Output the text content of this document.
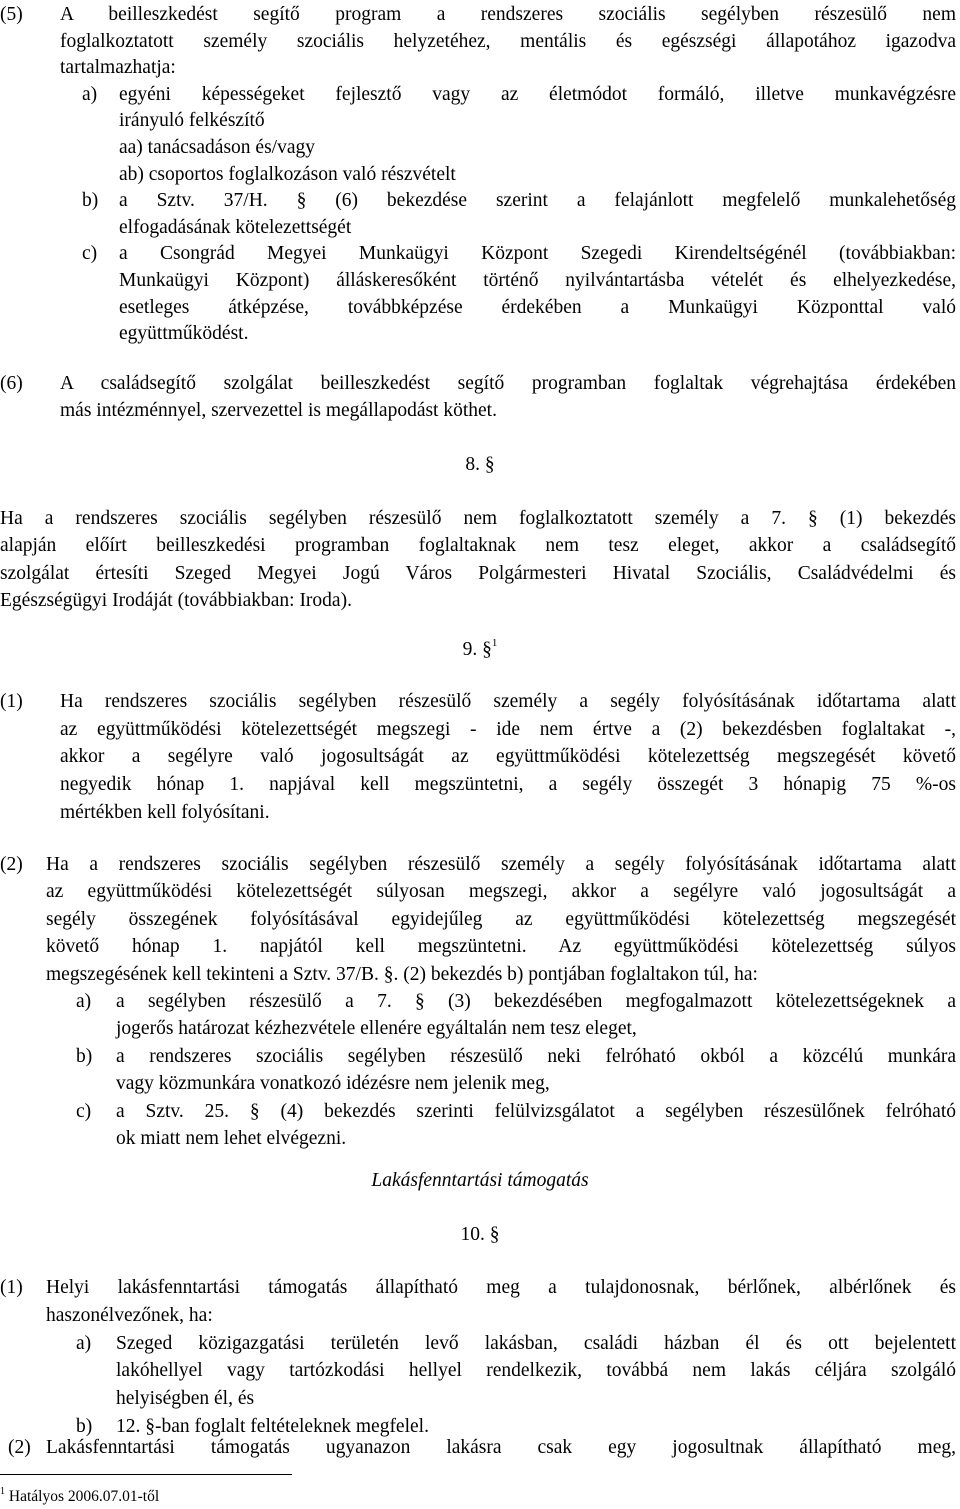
(5) A beilleszkedést segítő program a rendszeres szociális segélyben részesülő nem
foglalkoztatott személy szociális helyzetéhez, mentális és egészségi állapotához igazodva
tartalmazhatja:
a) egyéni képességeket fejlesztő vagy az életmódot formáló, illetve munkavégzésre
irányuló felkészítő
aa) tanácsadáson és/vagy
ab) csoportos foglalkozáson való részvételt
b) a Sztv. 37/H. § (6) bekezdése szerint a felajánlott megfelelő munkalehetőség
elfogadásának kötelezettségét
c) a Csongrád Megyei Munkaügyi Központ Szegedi Kirendeltségénél (továbbiakban:
Munkaügyi Központ) álláskeresőként történő nyilvántartásba vételét és elhelyezkedése,
esetleges átképzése, továbbképzése érdekében a Munkaügyi Központtal való
együttműködést.
(6) A családsegítő szolgálat beilleszkedést segítő programban foglaltak végrehajtása érdekében
más intézménnyel, szervezettel is megállapodást köthet.
8. §
Ha a rendszeres szociális segélyben részesülő nem foglalkoztatott személy a 7. § (1) bekezdés
alapján előírt beilleszkedési programban foglaltaknak nem tesz eleget, akkor a családsegítő
szolgálat értesíti Szeged Megyei Jogú Város Polgármesteri Hivatal Szociális, Családvédelmi és
Egészségügyi Irodáját (továbbiakban: Iroda).
9. §$^1$
(1) Ha rendszeres szociális segélyben részesülő személy a segély folyósításának időtartama alatt
az együttműködési kötelezettségét megszegi - ide nem értve a (2) bekezdésben foglaltakat -,
akkor a segélyre való jogosultságát az együttműködési kötelezettség megszegését követő
negyedik hónap 1. napjával kell megszüntetni, a segély összegét 3 hónapig 75 %-os
mértékben kell folyósítani.
(2) Ha a rendszeres szociális segélyben részesülő személy a segély folyósításának időtartama alatt
az együttműködési kötelezettségét súlyosan megszegi, akkor a segélyre való jogosultságát a
segély összegének folyósításával egyidejűleg az együttműködési kötelezettség megszegését
követő hónap 1. napjától kell megszüntetni. Az együttműködési kötelezettség súlyos
megszegésének kell tekinteni a Sztv. 37/B. §. (2) bekezdés b) pontjában foglaltakon túl, ha:
a) a segélyben részesülő a 7. § (3) bekezdésében megfogalmazott kötelezettségeknek a
jogerős határozat kézhezvétele ellenére egyáltalán nem tesz eleget,
b) a rendszeres szociális segélyben részesülő neki felróható okból a közcélú munkára
vagy közmunkára vonatkozó idézésre nem jelenik meg,
c) a Sztv. 25. § (4) bekezdés szerinti felülvizsgálatot a segélyben részesülőnek felróható
ok miatt nem lehet elvégezni.
Lakásfenntartási támogatás
10. §
(1) Helyi lakásfenntartási támogatás állapítható meg a tulajdonosnak, bérlőnek, albérlőnek és
haszonélvezőnek, ha:
a) Szeged közigazgatási területén levő lakásban, családi házban él és ott bejelentett
lakóhellyel vagy tartózkodási hellyel rendelkezik, továbbá nem lakás céljára szolgáló
helyiségben él, és
b) 12. §-ban foglalt feltételeknek megfelel.
(2) Lakásfenntartási támogatás ugyanazon lakásra csak egy jogosultnak állapítható meg,
$^1$ Hatályos 2006.07.01-től
